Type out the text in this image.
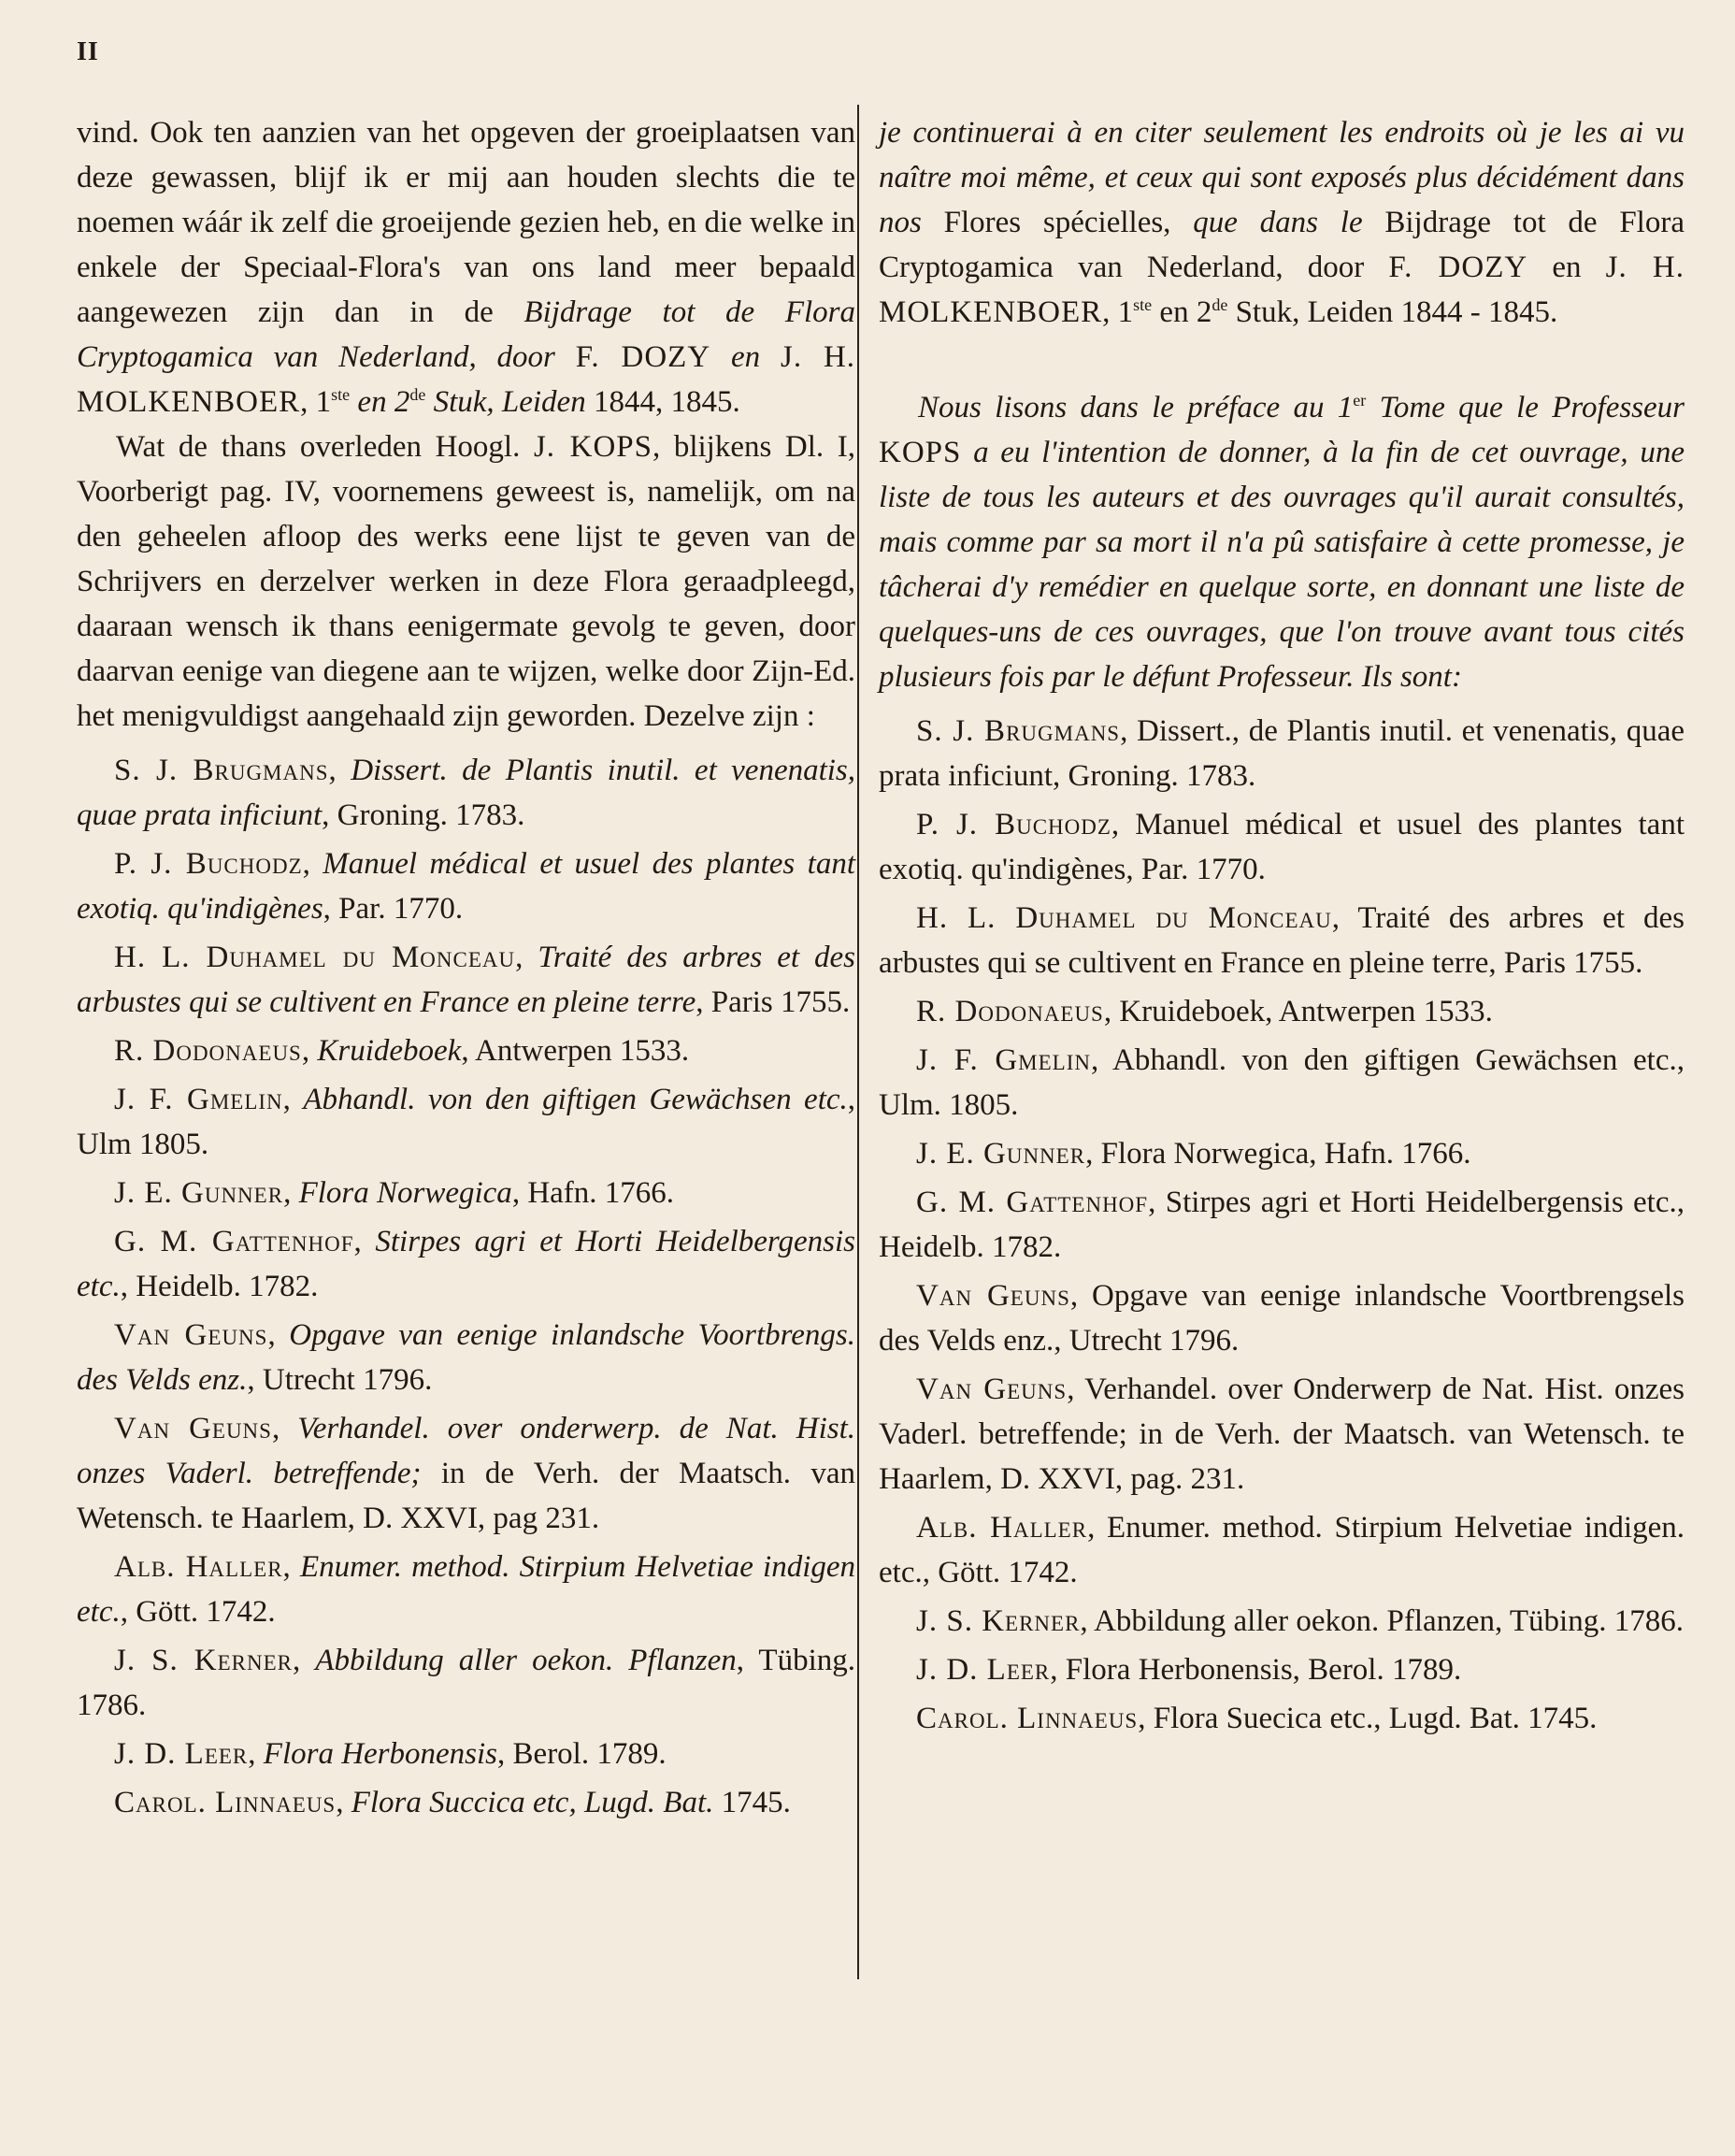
II

vind. Ook ten aanzien van het opgeven der groeiplaatsen van deze gewassen, blijf ik er mij aan houden slechts die te noemen wáár ik zelf die groeijende gezien heb, en die welke in enkele der Speciaal-Flora's van ons land meer bepaald aangewezen zijn dan in de Bijdrage tot de Flora Cryptogamica van Nederland, door F. DOZY en J. H. MOLKENBOER, 1ste en 2de Stuk, Leiden 1844, 1845.

Wat de thans overleden Hoogl. J. KOPS, blijkens Dl. I, Voorberigt pag. IV, voornemens geweest is, namelijk, om na den geheelen afloop des werks eene lijst te geven van de Schrijvers en derzelver werken in deze Flora geraadpleegd, daaraan wensch ik thans eenigermate gevolg te geven, door daarvan eenige van diegene aan te wijzen, welke door Zijn-Ed. het menigvuldigst aangehaald zijn geworden. Dezelve zijn :

S. J. Brugmans, Dissert. de Plantis inutil. et venenatis, quae prata inficiunt, Groning. 1783.

P. J. Buchodz, Manuel médical et usuel des plantes tant exotiq. qu'indigènes, Par. 1770.

H. L. Duhamel du Monceau, Traité des arbres et des arbustes qui se cultivent en France en pleine terre, Paris 1755.

R. Dodonaeus, Kruideboek, Antwerpen 1533.

J. F. Gmelin, Abhandl. von den giftigen Gewächsen etc., Ulm 1805.

J. E. Gunner, Flora Norwegica, Hafn. 1766.

G. M. Gattenhof, Stirpes agri et Horti Heidelbergensis etc., Heidelb. 1782.

Van Geuns, Opgave van eenige inlandsche Voortbrengs. des Velds enz., Utrecht 1796.

Van Geuns, Verhandel. over onderwerp. de Nat. Hist. onzes Vaderl. betreffende; in de Verh. der Maatsch. van Wetensch. te Haarlem, D. XXVI, pag 231.

Alb. Haller, Enumer. method. Stirpium Helvetiae indigen etc., Gött. 1742.

J. S. Kerner, Abbildung aller oekon. Pflanzen, Tübing. 1786.

J. D. Leer, Flora Herbonensis, Berol. 1789.

Carol. Linnaeus, Flora Succica etc, Lugd. Bat. 1745.

je continuerai à en citer seulement les endroits où je les ai vu naître moi même, et ceux qui sont exposés plus décidément dans nos Flores spécielles, que dans le Bijdrage tot de Flora Cryptogamica van Nederland, door F. DOZY en J. H. MOLKENBOER, 1ste en 2de Stuk, Leiden 1844 - 1845.

Nous lisons dans le préface au 1er Tome que le Professeur KOPS a eu l'intention de donner, à la fin de cet ouvrage, une liste de tous les auteurs et des ouvrages qu'il aurait consultés, mais comme par sa mort il n'a pû satisfaire à cette promesse, je tâcherai d'y remédier en quelque sorte, en donnant une liste de quelques-uns de ces ouvrages, que l'on trouve avant tous cités plusieurs fois par le défunt Professeur. Ils sont:

S. J. Brugmans, Dissert., de Plantis inutil. et venenatis, quae prata inficiunt, Groning. 1783.

P. J. Buchodz, Manuel médical et usuel des plantes tant exotiq. qu'indigènes, Par. 1770.

H. L. Duhamel du Monceau, Traité des arbres et des arbustes qui se cultivent en France en pleine terre, Paris 1755.

R. Dodonaeus, Kruideboek, Antwerpen 1533.

J. F. Gmelin, Abhandl. von den giftigen Gewächsen etc., Ulm. 1805.

J. E. Gunner, Flora Norwegica, Hafn. 1766.

G. M. Gattenhof, Stirpes agri et Horti Heidelbergensis etc., Heidelb. 1782.

Van Geuns, Opgave van eenige inlandsche Voortbrengsels des Velds enz., Utrecht 1796.

Van Geuns, Verhandel. over Onderwerp de Nat. Hist. onzes Vaderl. betreffende; in de Verh. der Maatsch. van Wetensch. te Haarlem, D. XXVI, pag. 231.

Alb. Haller, Enumer. method. Stirpium Helvetiae indigen. etc., Gött. 1742.

J. S. Kerner, Abbildung aller oekon. Pflanzen, Tübing. 1786.

J. D. Leer, Flora Herbonensis, Berol. 1789.

Carol. Linnaeus, Flora Suecica etc., Lugd. Bat. 1745.
